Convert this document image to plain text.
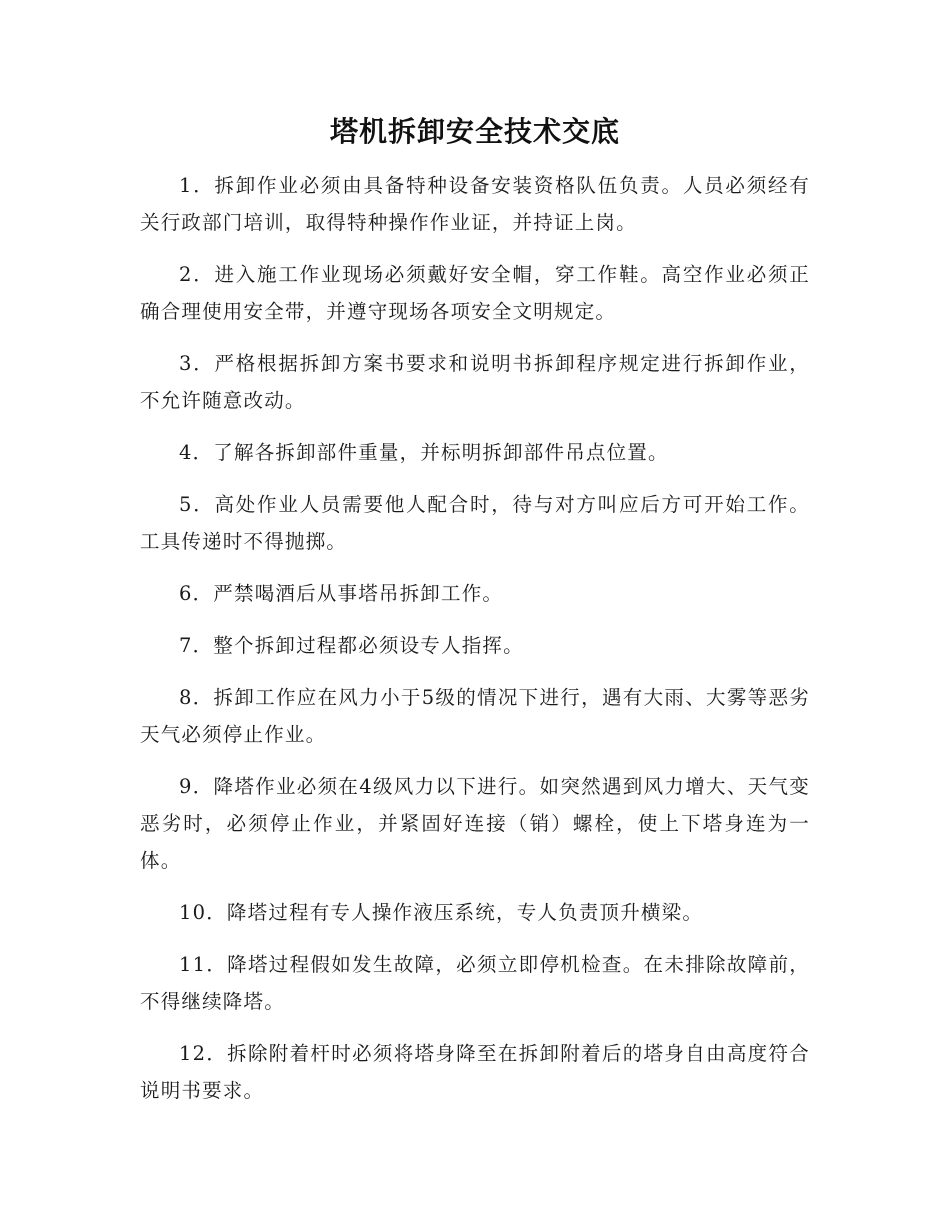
塔机拆卸安全技术交底

1．拆卸作业必须由具备特种设备安装资格队伍负责。人员必须经有关行政部门培训，取得特种操作作业证，并持证上岗。

2．进入施工作业现场必须戴好安全帽，穿工作鞋。高空作业必须正确合理使用安全带，并遵守现场各项安全文明规定。

3．严格根据拆卸方案书要求和说明书拆卸程序规定进行拆卸作业，不允许随意改动。

4．了解各拆卸部件重量，并标明拆卸部件吊点位置。

5．高处作业人员需要他人配合时，待与对方叫应后方可开始工作。工具传递时不得抛掷。

6．严禁喝酒后从事塔吊拆卸工作。

7．整个拆卸过程都必须设专人指挥。

8．拆卸工作应在风力小于5级的情况下进行，遇有大雨、大雾等恶劣天气必须停止作业。

9．降塔作业必须在4级风力以下进行。如突然遇到风力增大、天气变恶劣时，必须停止作业，并紧固好连接（销）螺栓，使上下塔身连为一体。

10．降塔过程有专人操作液压系统，专人负责顶升横梁。

11．降塔过程假如发生故障，必须立即停机检查。在未排除故障前，不得继续降塔。

12．拆除附着杆时必须将塔身降至在拆卸附着后的塔身自由高度符合说明书要求。
